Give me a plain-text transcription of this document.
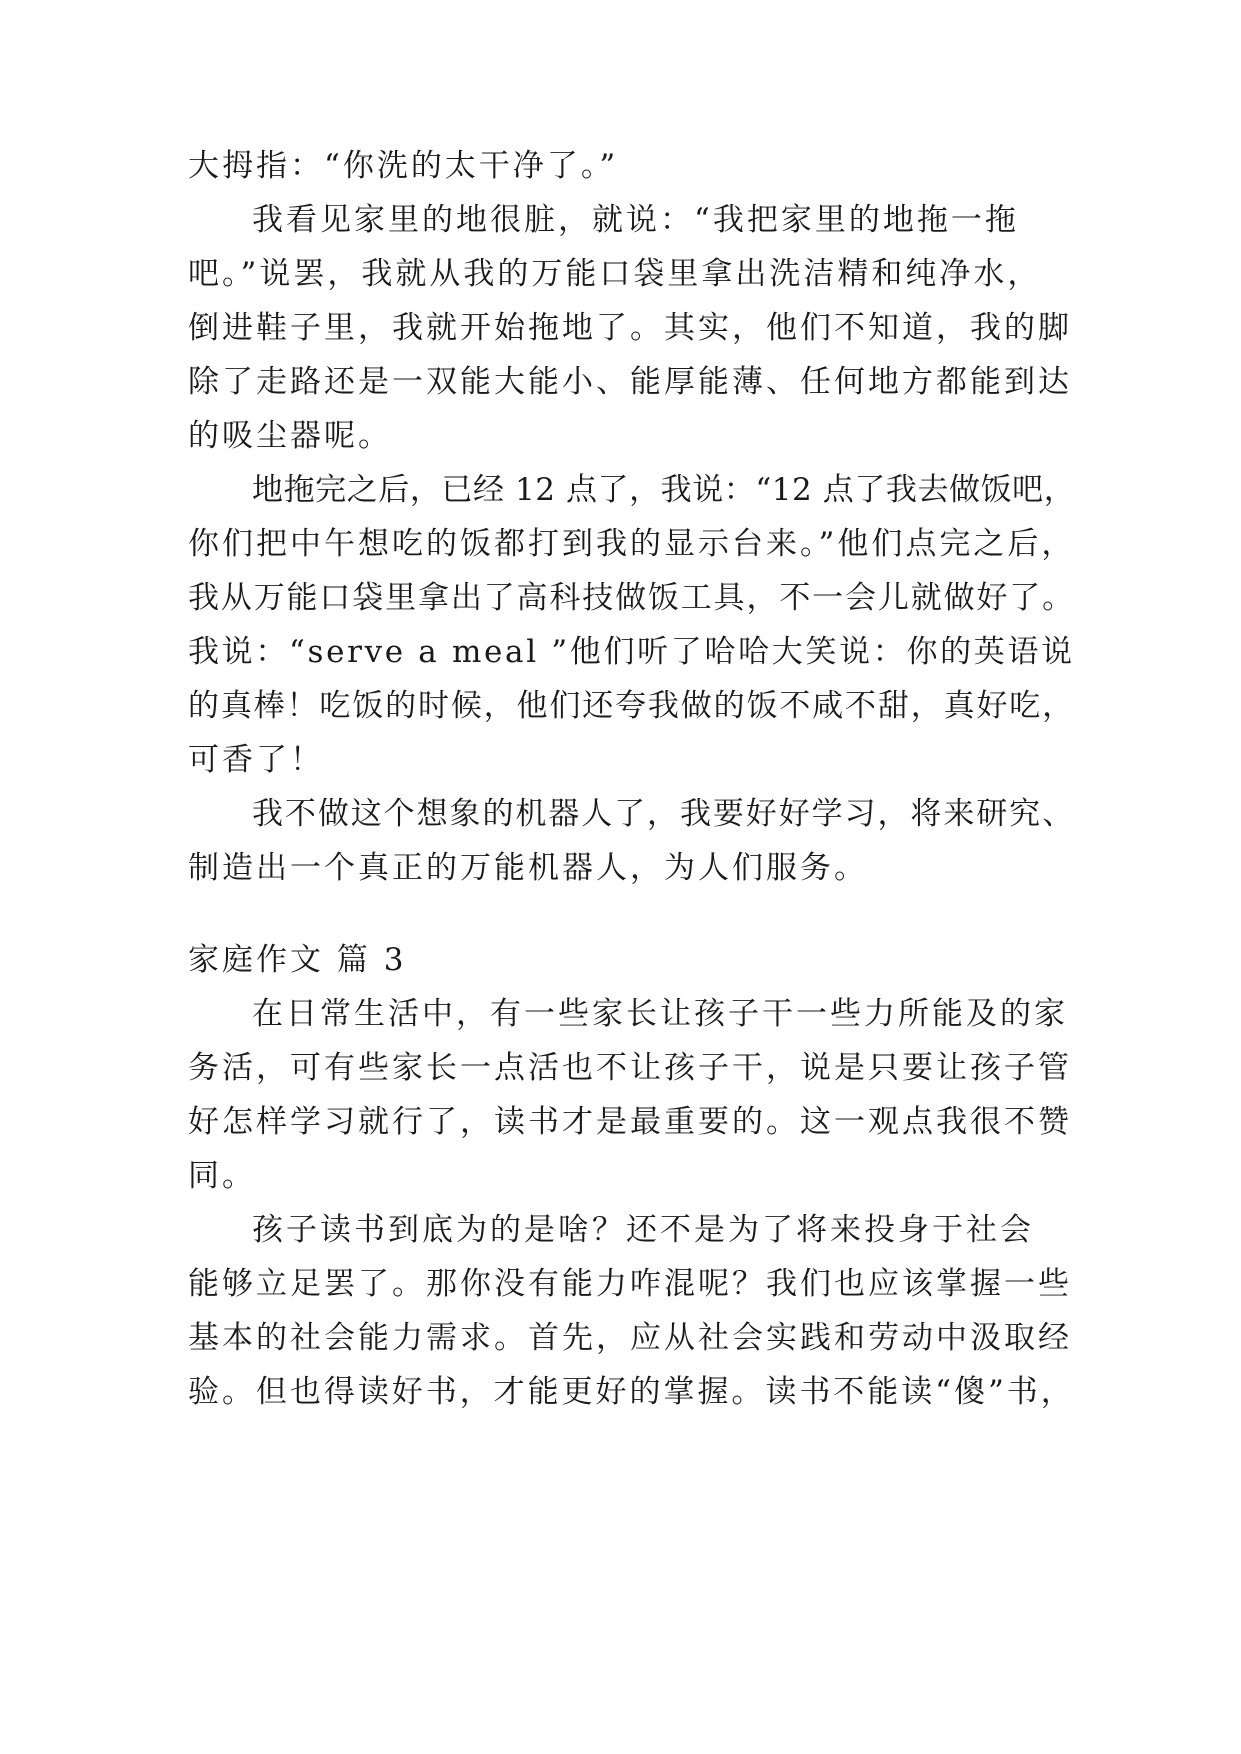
大拇指：“你洗的太干净了。”
我看见家里的地很脏，就说：“我把家里的地拖一拖
吧。”说罢，我就从我的万能口袋里拿出洗洁精和纯净水，
倒进鞋子里，我就开始拖地了。其实，他们不知道，我的脚
除了走路还是一双能大能小、能厚能薄、任何地方都能到达
的吸尘器呢。
地拖完之后，已经 12 点了，我说：“12 点了我去做饭吧，
你们把中午想吃的饭都打到我的显示台来。”他们点完之后，
我从万能口袋里拿出了高科技做饭工具，不一会儿就做好了。
我说：“serve a meal ”他们听了哈哈大笑说：你的英语说
的真棒！吃饭的时候，他们还夸我做的饭不咸不甜，真好吃，
可香了！
我不做这个想象的机器人了，我要好好学习，将来研究、
制造出一个真正的万能机器人，为人们服务。
家庭作文 篇 3
在日常生活中，有一些家长让孩子干一些力所能及的家
务活，可有些家长一点活也不让孩子干，说是只要让孩子管
好怎样学习就行了，读书才是最重要的。这一观点我很不赞
同。
孩子读书到底为的是啥？还不是为了将来投身于社会
能够立足罢了。那你没有能力咋混呢？我们也应该掌握一些
基本的社会能力需求。首先，应从社会实践和劳动中汲取经
验。但也得读好书，才能更好的掌握。读书不能读“傻”书，
